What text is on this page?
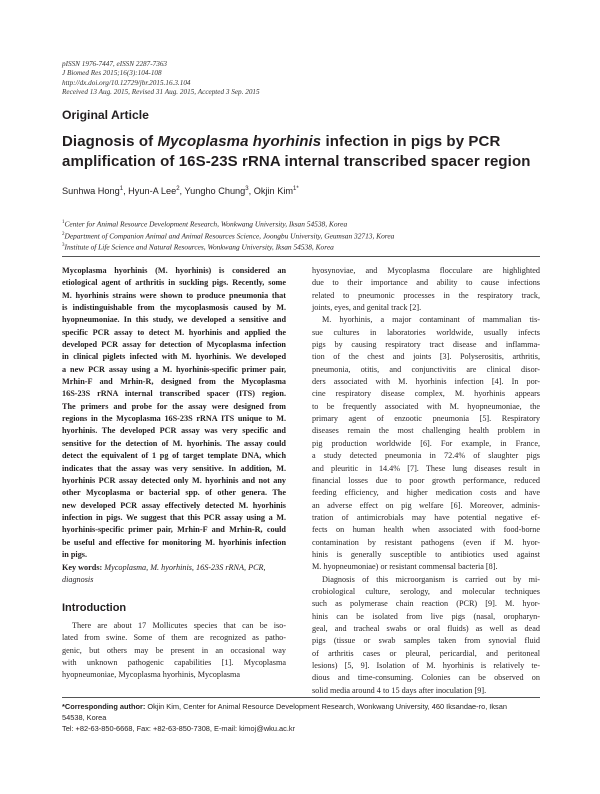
pISSN 1976-7447, eISSN 2287-7363
J Biomed Res 2015;16(3):104-108
http://dx.doi.org/10.12729/jbr.2015.16.3.104
Received 13 Aug. 2015, Revised 31 Aug. 2015, Accepted 3 Sep. 2015
Original Article
Diagnosis of Mycoplasma hyorhinis infection in pigs by PCR
amplification of 16S-23S rRNA internal transcribed spacer region
Sunhwa Hong$^1$, Hyun-A Lee$^2$, Yungho Chung$^3$, Okjin Kim$^{1*}$
$^1$Center for Animal Resource Development Research, Wonkwang University, Iksan 54538, Korea
$^2$Department of Companion Animal and Animal Resources Science, Joongbu University, Geumsan 32713, Korea
$^3$Institute of Life Science and Natural Resources, Wonkwang University, Iksan 54538, Korea
Mycoplasma hyorhinis (M. hyorhinis) is considered an
etiological agent of arthritis in suckling pigs. Recently, some
M. hyorhinis strains were shown to produce pneumonia that
is indistinguishable from the mycoplasmosis caused by M.
hyopneumoniae. In this study, we developed a sensitive and
specific PCR assay to detect M. hyorhinis and applied the
developed PCR assay for detection of Mycoplasma infection
in clinical piglets infected with M. hyorhinis. We developed
a new PCR assay using a M. hyorhinis-specific primer pair,
Mrhin-F and Mrhin-R, designed from the Mycoplasma
16S-23S rRNA internal transcribed spacer (ITS) region.
The primers and probe for the assay were designed from
regions in the Mycoplasma 16S-23S rRNA ITS unique to M.
hyorhinis. The developed PCR assay was very specific and
sensitive for the detection of M. hyorhinis. The assay could
detect the equivalent of 1 pg of target template DNA, which
indicates that the assay was very sensitive. In addition, M.
hyorhinis PCR assay detected only M. hyorhinis and not any
other Mycoplasma or bacterial spp. of other genera. The
new developed PCR assay effectively detected M. hyorhinis
infection in pigs. We suggest that this PCR assay using a M.
hyorhinis-specific primer pair, Mrhin-F and Mrhin-R, could
be useful and effective for monitoring M. hyorhinis infection
in pigs.
Key words: Mycoplasma, M. hyorhinis, 16S-23S rRNA, PCR, diagnosis
Introduction
There are about 17 Mollicutes species that can be iso-
lated from swine. Some of them are recognized as patho-
genic, but others may be present in an occasional way
with unknown pathogenic capabilities [1]. Mycoplasma
hyopneumoniae, Mycoplasma hyorhinis, Mycoplasma
hyosynoviae, and Mycoplasma flocculare are highlighted
due to their importance and ability to cause infections
related to pneumonic processes in the respiratory track,
joints, eyes, and genital track [2].
M. hyorhinis, a major contaminant of mammalian tis-
sue cultures in laboratories worldwide, usually infects
pigs by causing respiratory tract disease and inflamma-
tion of the chest and joints [3]. Polyserositis, arthritis,
pneumonia, otitis, and conjunctivitis are clinical disor-
ders associated with M. hyorhinis infection [4]. In por-
cine respiratory disease complex, M. hyorhinis appears
to be frequently associated with M. hyopneumoniae, the
primary agent of enzootic pneumonia [5]. Respiratory
diseases remain the most challenging health problem in
pig production worldwide [6]. For example, in France,
a study detected pneumonia in 72.4% of slaughter pigs
and pleuritic in 14.4% [7]. These lung diseases result in
financial losses due to poor growth performance, reduced
feeding efficiency, and higher medication costs and have
an adverse effect on pig welfare [6]. Moreover, adminis-
tration of antimicrobials may have potential negative ef-
fects on human health when associated with food-borne
contamination by resistant pathogens (even if M. hyor-
hinis is generally susceptible to antibiotics used against
M. hyopneumoniae) or resistant commensal bacteria [8].
Diagnosis of this microorganism is carried out by mi-
crobiological culture, serology, and molecular techniques
such as polymerase chain reaction (PCR) [9]. M. hyor-
hinis can be isolated from live pigs (nasal, oropharyn-
geal, and tracheal swabs or oral fluids) as well as dead
pigs (tissue or swab samples taken from synovial fluid
of arthritis cases or pleural, pericardial, and peritoneal
lesions) [5, 9]. Isolation of M. hyorhinis is relatively te-
dious and time-consuming. Colonies can be observed on
solid media around 4 to 15 days after inoculation [9].
*Corresponding author: Okjin Kim, Center for Animal Resource Development Research, Wonkwang University, 460 Iksandae-ro, Iksan
54538, Korea
Tel: +82-63-850-6668, Fax: +82-63-850-7308, E-mail: kimoj@wku.ac.kr
